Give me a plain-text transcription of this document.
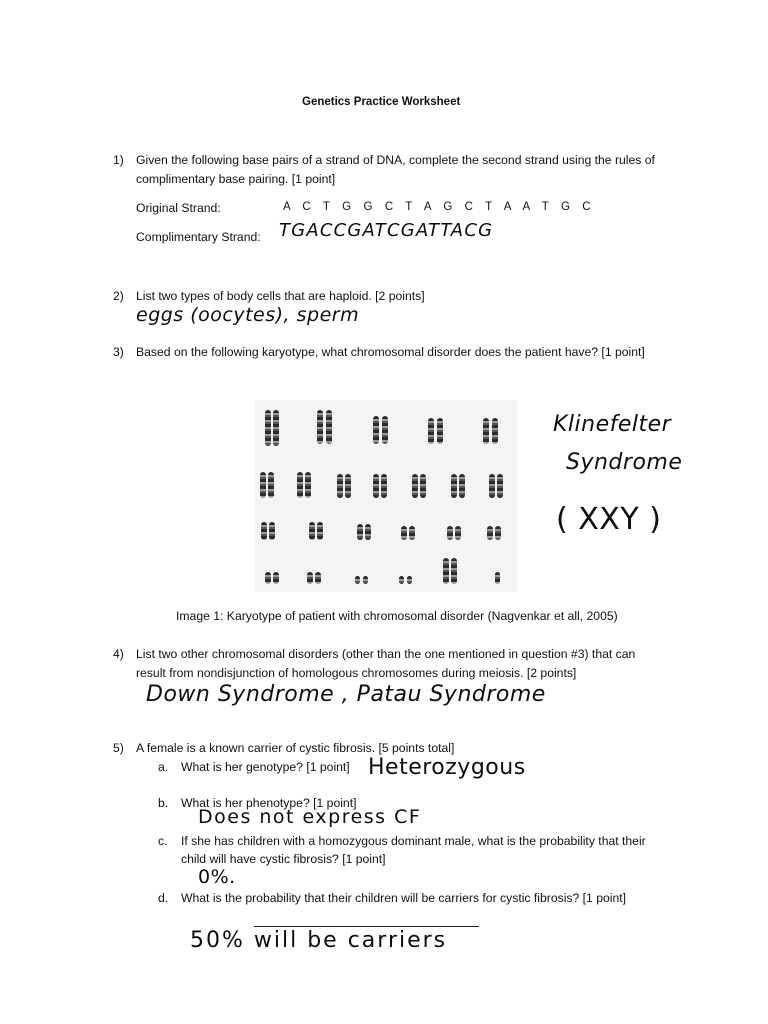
Genetics Practice Worksheet
1) Given the following base pairs of a strand of DNA, complete the second strand using the rules of
complimentary base pairing. [1 point]
Original Strand:	A C T G G C T A G C T A A T G C
Complimentary Strand: TGACCGATCGATTACG
2) List two types of body cells that are haploid. [2 points]
eggs (oocytes), sperm
3) Based on the following karyotype, what chromosomal disorder does the patient have? [1 point]
Klinefelter
Syndrome
( XXY )
Image 1: Karyotype of patient with chromosomal disorder (Nagvenkar et all, 2005)
4) List two other chromosomal disorders (other than the one mentioned in question #3) that can
result from nondisjunction of homologous chromosomes during meiosis. [2 points]
Down Syndrome , Patau Syndrome
5) A female is a known carrier of cystic fibrosis. [5 points total]
a. What is her genotype? [1 point] Heterozygous
b. What is her phenotype? [1 point]
Does not express CF
c. If she has children with a homozygous dominant male, what is the probability that their
child will have cystic fibrosis? [1 point]
0%.
d. What is the probability that their children will be carriers for cystic fibrosis? [1 point]
50% will be carriers
